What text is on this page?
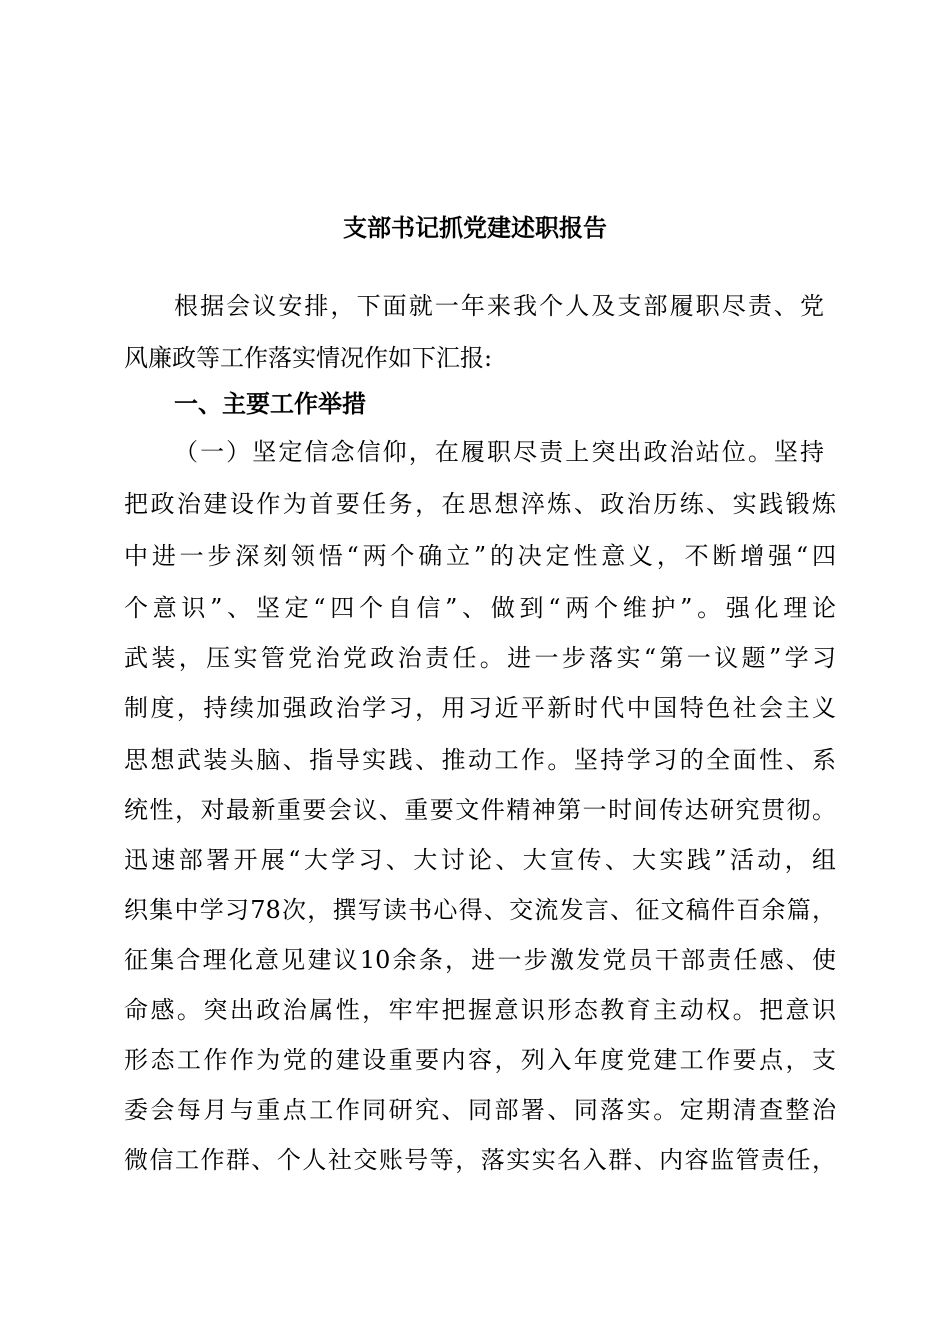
支部书记抓党建述职报告
根据会议安排，下面就一年来我个人及支部履职尽责、党
风廉政等工作落实情况作如下汇报:
一、主要工作举措
（一）坚定信念信仰，在履职尽责上突出政治站位。坚持
把政治建设作为首要任务，在思想淬炼、政治历练、实践锻炼
中进一步深刻领悟“两个确立”的决定性意义，不断增强“四
个意识”、坚定“四个自信”、做到“两个维护”。强化理论
武装，压实管党治党政治责任。进一步落实“第一议题”学习
制度，持续加强政治学习，用习近平新时代中国特色社会主义
思想武装头脑、指导实践、推动工作。坚持学习的全面性、系
统性，对最新重要会议、重要文件精神第一时间传达研究贯彻。
迅速部署开展“大学习、大讨论、大宣传、大实践”活动，组
织集中学习78次，撰写读书心得、交流发言、征文稿件百余篇，
征集合理化意见建议10余条，进一步激发党员干部责任感、使
命感。突出政治属性，牢牢把握意识形态教育主动权。把意识
形态工作作为党的建设重要内容，列入年度党建工作要点，支
委会每月与重点工作同研究、同部署、同落实。定期清查整治
微信工作群、个人社交账号等，落实实名入群、内容监管责任，
